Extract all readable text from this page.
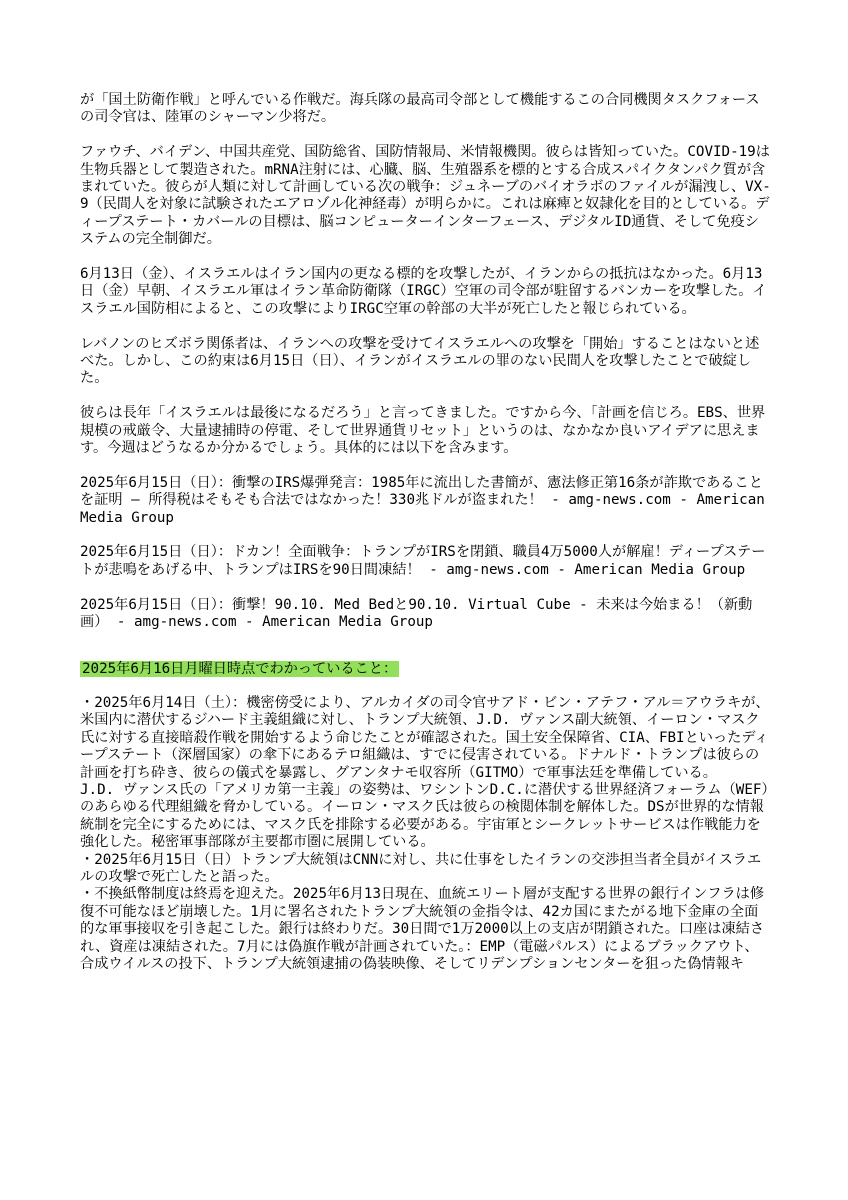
が「国土防衛作戦」と呼んでいる作戦だ。海兵隊の最高司令部として機能するこの合同機関タスクフォースの司令官は、陸軍のシャーマン少将だ。

ファウチ、バイデン、中国共産党、国防総省、国防情報局、米情報機関。彼らは皆知っていた。COVID-19は生物兵器として製造された。mRNA注射には、心臓、脳、生殖器系を標的とする合成スパイクタンパク質が含まれていた。彼らが人類に対して計画している次の戦争：ジュネーブのバイオラボのファイルが漏洩し、VX-9（民間人を対象に試験されたエアロゾル化神経毒）が明らかに。これは麻痺と奴隷化を目的としている。ディープステート・カバールの目標は、脳コンピューターインターフェース、デジタルID通貨、そして免疫システムの完全制御だ。

6月13日（金）、イスラエルはイラン国内の更なる標的を攻撃したが、イランからの抵抗はなかった。6月13日（金）早朝、イスラエル軍はイラン革命防衛隊（IRGC）空軍の司令部が駐留するバンカーを攻撃した。イスラエル国防相によると、この攻撃によりIRGC空軍の幹部の大半が死亡したと報じられている。

レバノンのヒズボラ関係者は、イランへの攻撃を受けてイスラエルへの攻撃を「開始」することはないと述べた。しかし、この約束は6月15日（日）、イランがイスラエルの罪のない民間人を攻撃したことで破綻した。

彼らは長年「イスラエルは最後になるだろう」と言ってきました。ですから今、「計画を信じろ。EBS、世界規模の戒厳令、大量逮捕時の停電、そして世界通貨リセット」というのは、なかなか良いアイデアに思えます。今週はどうなるか分かるでしょう。具体的には以下を含みます。

2025年6月15日（日）：衝撃のIRS爆弾発言：1985年に流出した書簡が、憲法修正第16条が詐欺であることを証明 ― 所得税はそもそも合法ではなかった！330兆ドルが盗まれた！ - amg-news.com - American Media Group

2025年6月15日（日）：ドカン！全面戦争：トランプがIRSを閉鎖、職員4万5000人が解雇！ディープステートが悲鳴をあげる中、トランプはIRSを90日間凍結！ - amg-news.com - American Media Group

2025年6月15日（日）：衝撃！90.10. Med Bedと90.10. Virtual Cube - 未来は今始まる！（新動画） - amg-news.com - American Media Group

2025年6月16日月曜日時点でわかっていること：

・2025年6月14日（土）：機密傍受により、アルカイダの司令官サアド・ビン・アテフ・アル＝アウラキが、米国内に潜伏するジハード主義組織に対し、トランプ大統領、J.D. ヴァンス副大統領、イーロン・マスク氏に対する直接暗殺作戦を開始するよう命じたことが確認された。国土安全保障省、CIA、FBIといったディープステート（深層国家）の傘下にあるテロ組織は、すでに侵害されている。ドナルド・トランプは彼らの計画を打ち砕き、彼らの儀式を暴露し、グアンタナモ収容所（GITMO）で軍事法廷を準備している。

J.D. ヴァンス氏の「アメリカ第一主義」の姿勢は、ワシントンD.C.に潜伏する世界経済フォーラム（WEF）のあらゆる代理組織を脅かしている。イーロン・マスク氏は彼らの検閲体制を解体した。DSが世界的な情報統制を完全にするためには、マスク氏を排除する必要がある。宇宙軍とシークレットサービスは作戦能力を強化した。秘密軍事部隊が主要都市圏に展開している。

・2025年6月15日（日）トランプ大統領はCNNに対し、共に仕事をしたイランの交渉担当者全員がイスラエルの攻撃で死亡したと語った。

・不換紙幣制度は終焉を迎えた。2025年6月13日現在、血統エリート層が支配する世界の銀行インフラは修復不可能なほど崩壊した。1月に署名されたトランプ大統領の金指令は、42カ国にまたがる地下金庫の全面的な軍事接収を引き起こした。銀行は終わりだ。30日間で1万2000以上の支店が閉鎖された。口座は凍結され、資産は凍結された。7月には偽旗作戦が計画されていた。：EMP（電磁パルス）によるブラックアウト、合成ウイルスの投下、トランプ大統領逮捕の偽装映像、そしてリデンプションセンターを狙った偽情報キ
